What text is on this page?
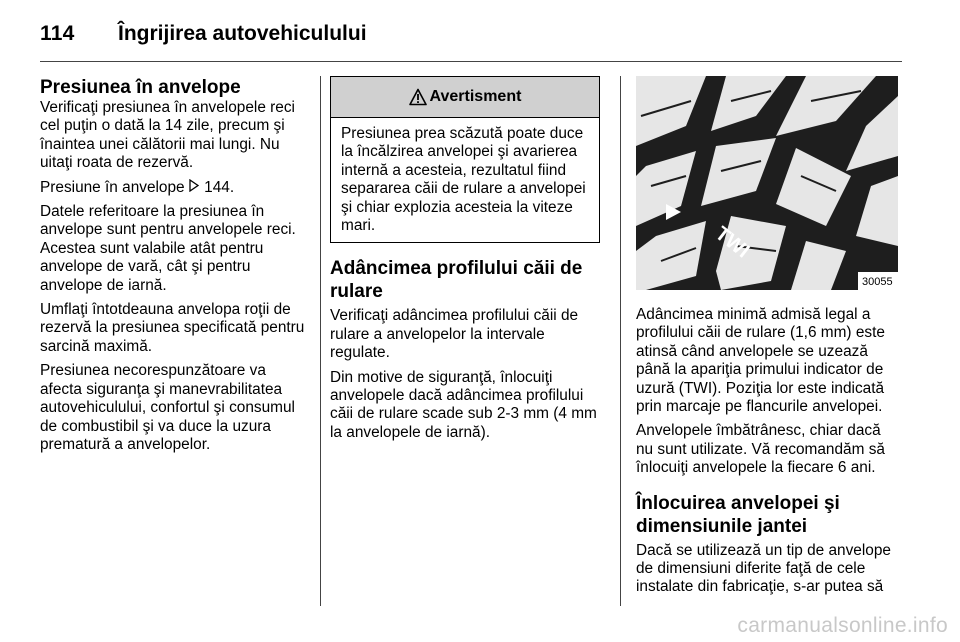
114 Îngrijirea autovehiculului
Presiunea în anvelope

Verificaţi presiunea în anvelopele reci cel puţin o dată la 14 zile, precum şi înaintea unei călătorii mai lungi. Nu uitaţi roata de rezervă.

Presiune în anvelope 144.

Datele referitoare la presiunea în anvelope sunt pentru anvelopele reci. Acestea sunt valabile atât pentru anvelope de vară, cât şi pentru anvelope de iarnă.

Umflaţi întotdeauna anvelopa roţii de rezervă la presiunea specificată pentru sarcină maximă.

Presiunea necorespunzătoare va afecta siguranţa şi manevrabilitatea autovehiculului, confortul şi consumul de combustibil şi va duce la uzura prematură a anvelopelor.

Avertisment
Presiunea prea scăzută poate duce la încălzirea anvelopei şi avarierea internă a acesteia, rezultatul fiind separarea căii de rulare a anvelopei şi chiar explozia acesteia la viteze mari.
Adâncimea profilului căii de rulare

Verificaţi adâncimea profilului căii de rulare a anvelopelor la intervale regulate.

Din motive de siguranţă, înlocuiţi anvelopele dacă adâncimea profilului căii de rulare scade sub 2-3 mm (4 mm la anvelopele de iarnă).

TWI
30055

Adâncimea minimă admisă legal a profilului căii de rulare (1,6 mm) este atinsă când anvelopele se uzează până la apariţia primului indicator de uzură (TWI). Poziţia lor este indicată prin marcaje pe flancurile anvelopei.

Anvelopele îmbătrânesc, chiar dacă nu sunt utilizate. Vă recomandăm să înlocuiţi anvelopele la fiecare 6 ani.

Înlocuirea anvelopei şi dimensiunile jantei

Dacă se utilizează un tip de anvelope de dimensiuni diferite faţă de cele instalate din fabricaţie, s-ar putea să

carmanualsonline.info
